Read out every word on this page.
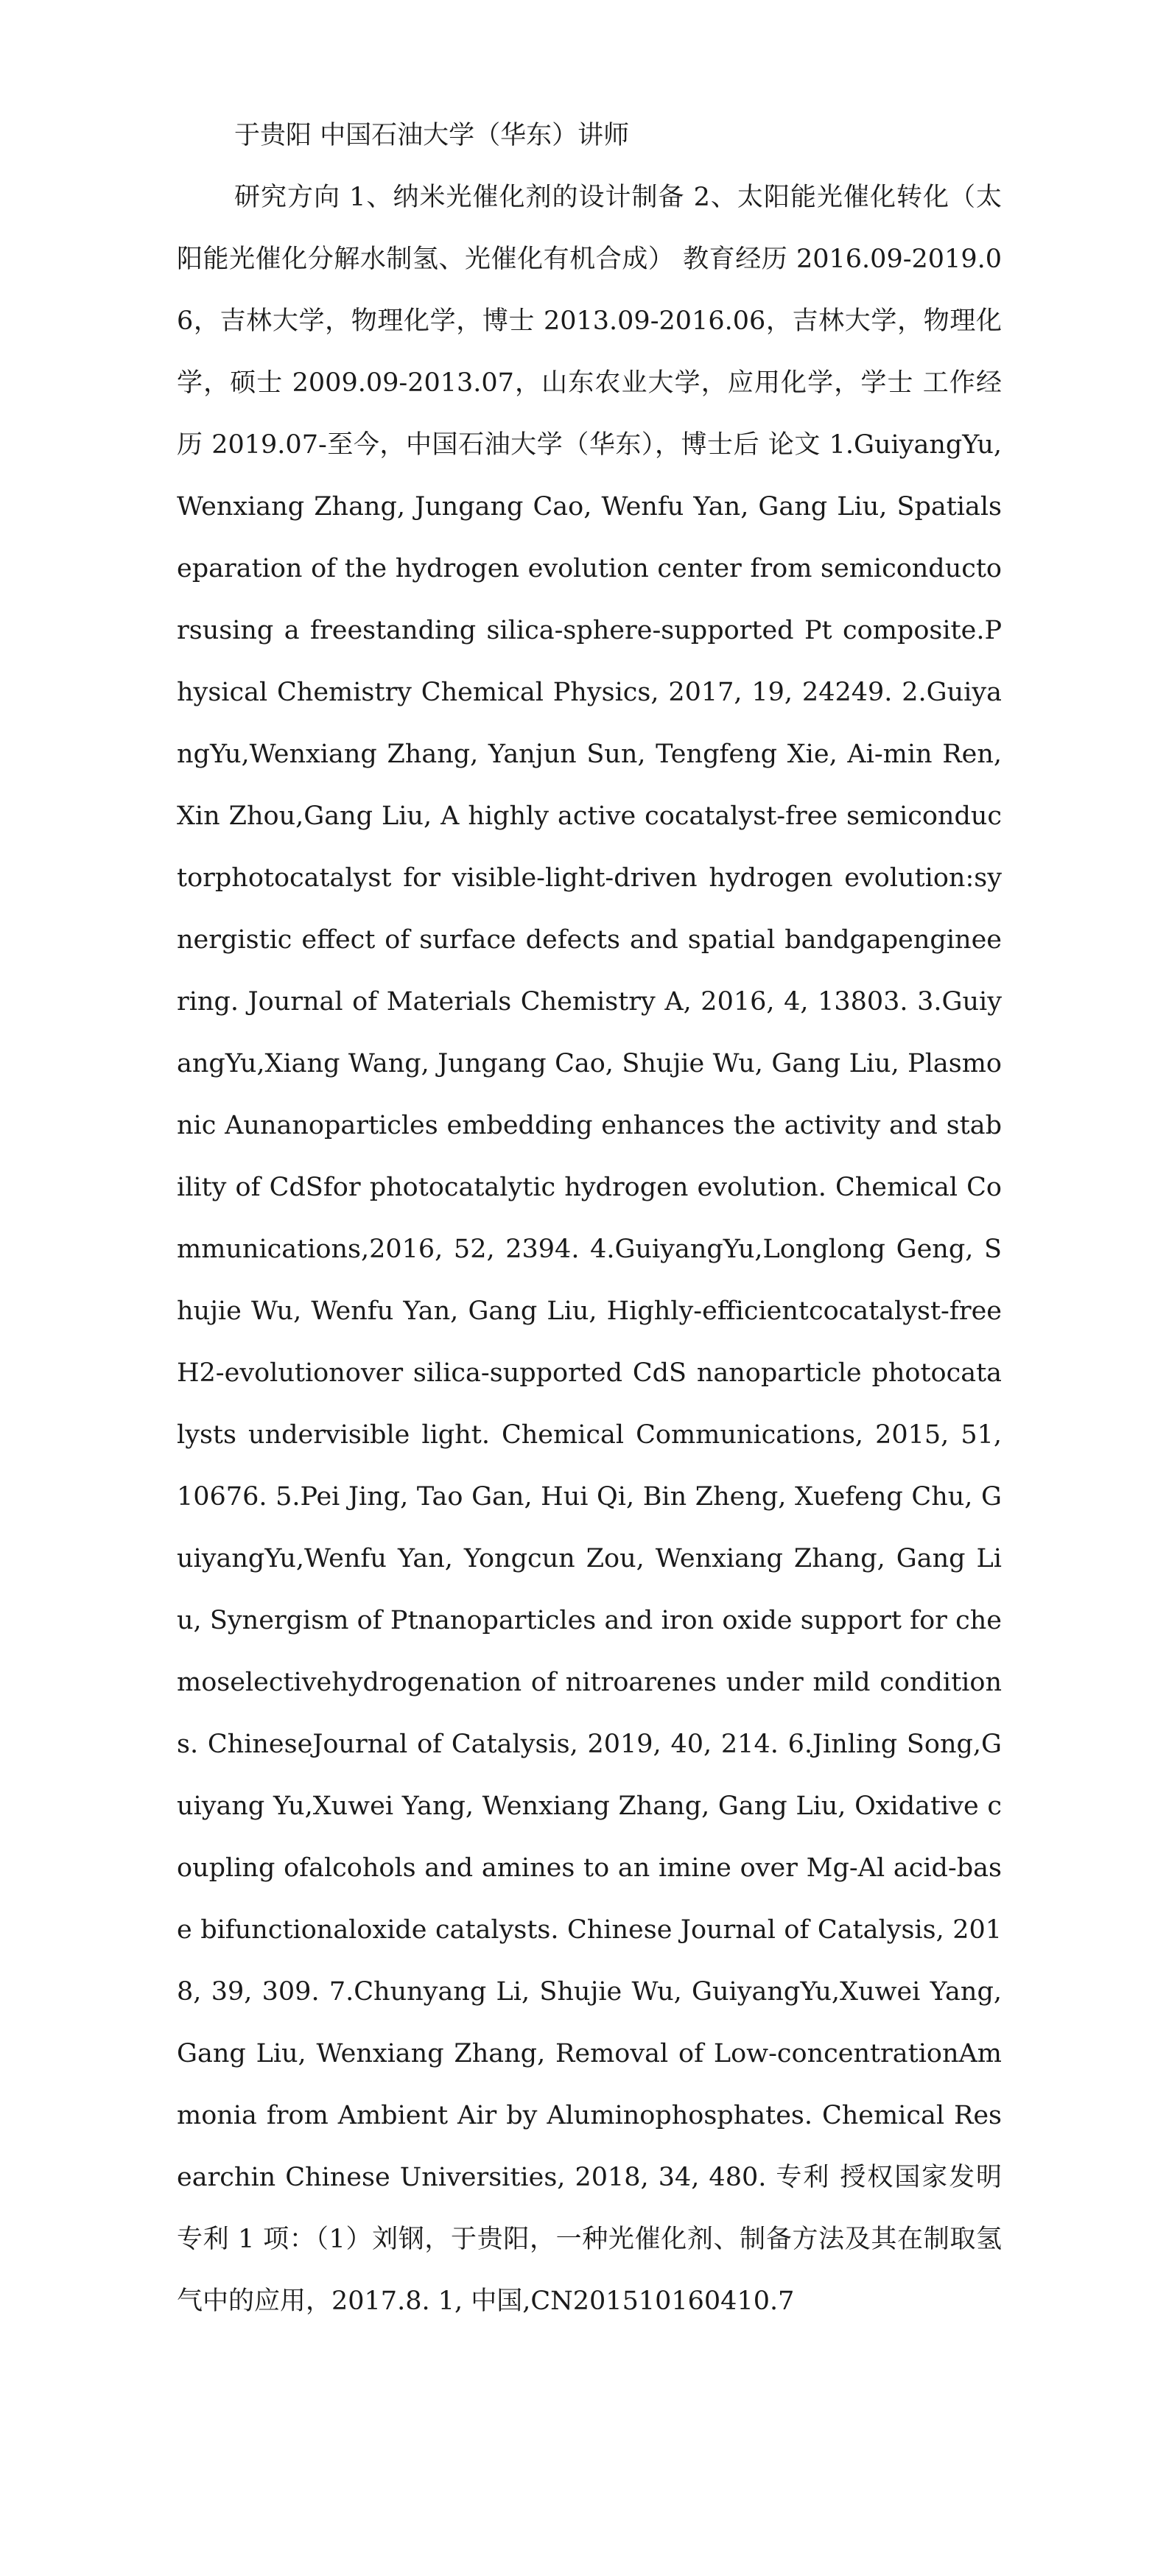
于贵阳 中国石油大学（华东）讲师

研究方向 1、纳米光催化剂的设计制备 2、太阳能光催化转化（太阳能光催化分解水制氢、光催化有机合成） 教育经历 2016.09-2019.06，吉林大学，物理化学，博士 2013.09-2016.06，吉林大学，物理化学，硕士 2009.09-2013.07，山东农业大学，应用化学，学士 工作经历 2019.07-至今，中国石油大学（华东），博士后 论文 1.GuiyangYu,Wenxiang Zhang, Jungang Cao, Wenfu Yan, Gang Liu, Spatialseparation of the hydrogen evolution center from semiconductorsusing a freestanding silica-sphere-supported Pt composite.Physical Chemistry Chemical Physics, 2017, 19, 24249. 2.GuiyangYu,Wenxiang Zhang, Yanjun Sun, Tengfeng Xie, Ai-min Ren, Xin Zhou,Gang Liu, A highly active cocatalyst-free semiconductorphotocatalyst for visible-light-driven hydrogen evolution:synergistic effect of surface defects and spatial bandgapengineering. Journal of Materials Chemistry A, 2016, 4, 13803. 3.GuiyangYu,Xiang Wang, Jungang Cao, Shujie Wu, Gang Liu, Plasmonic Aunanoparticles embedding enhances the activity and stability of CdSfor photocatalytic hydrogen evolution. Chemical Communications,2016, 52, 2394. 4.GuiyangYu,Longlong Geng, Shujie Wu, Wenfu Yan, Gang Liu, Highly-efficientcocatalyst-free H2-evolutionover silica-supported CdS nanoparticle photocatalysts undervisible light. Chemical Communications, 2015, 51, 10676. 5.Pei Jing, Tao Gan, Hui Qi, Bin Zheng, Xuefeng Chu, GuiyangYu,Wenfu Yan, Yongcun Zou, Wenxiang Zhang, Gang Liu, Synergism of Ptnanoparticles and iron oxide support for chemoselectivehydrogenation of nitroarenes under mild conditions. ChineseJournal of Catalysis, 2019, 40, 214. 6.Jinling Song,Guiyang Yu,Xuwei Yang, Wenxiang Zhang, Gang Liu, Oxidative coupling ofalcohols and amines to an imine over Mg-Al acid-base bifunctionaloxide catalysts. Chinese Journal of Catalysis, 2018, 39, 309. 7.Chunyang Li, Shujie Wu, GuiyangYu,Xuwei Yang, Gang Liu, Wenxiang Zhang, Removal of Low-concentrationAmmonia from Ambient Air by Aluminophosphates. Chemical Researchin Chinese Universities, 2018, 34, 480. 专利 授权国家发明专利 1 项：（1）刘钢，于贵阳，一种光催化剂、制备方法及其在制取氢气中的应用，2017.8. 1, 中国,CN201510160410.7
